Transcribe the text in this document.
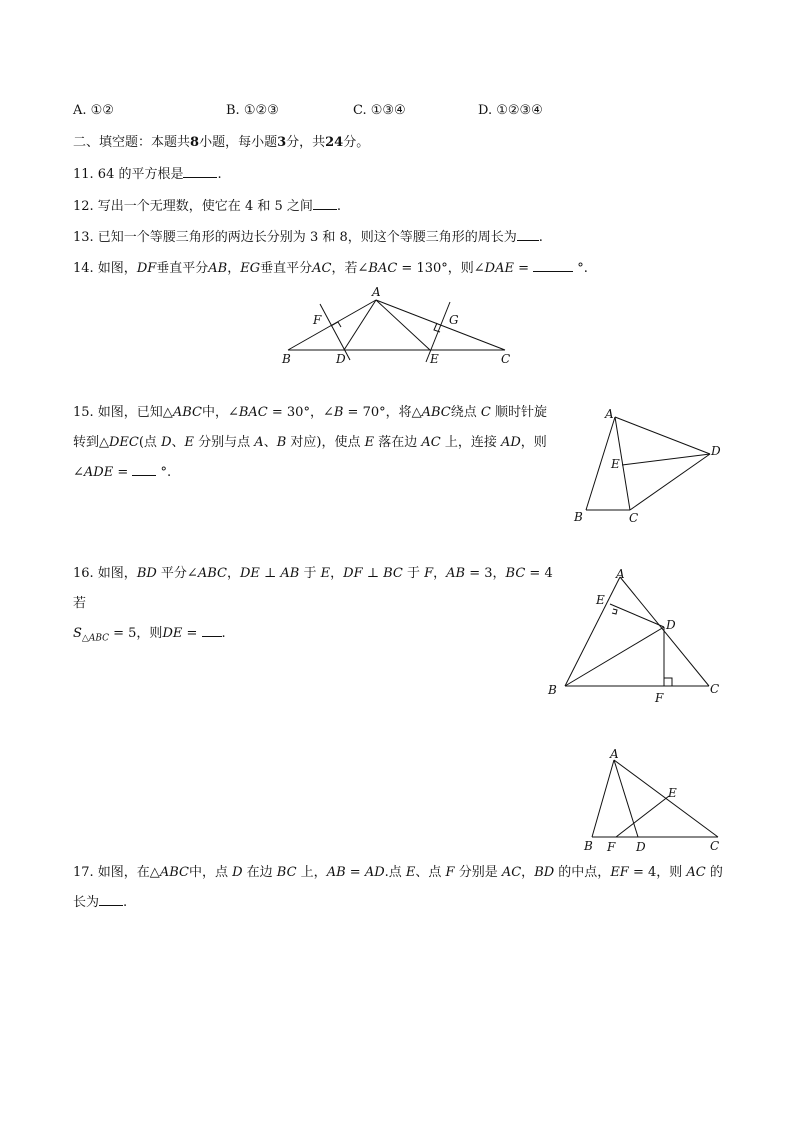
A. ①②	B. ①②③	C. ①③④	D. ①②③④
二、填空题：本题共8小题，每小题3分，共24分。
11. 64 的平方根是	.
12. 写出一个无理数，使它在 4 和 5 之间 .
13. 已知一个等腰三角形的两边长分别为 3 和 8，则这个等腰三角形的周长为 .
14. 如图，DF垂直平分AB，EG垂直平分AC，若∠BAC = 130°，则∠DAE =	°.
A
B	C
D	E
F	G
15. 如图，已知△ABC中，∠BAC = 30°，∠B = 70°，将△ABC绕点 C 顺时针旋
转到△DEC(点 D、E 分别与点 A、B 对应)，使点 E 落在边 AC 上，连接 AD，则
∠ADE =  °.
A
B	C
D
E
16. 如图，BD 平分∠ABC，DE ⊥ AB 于 E，DF ⊥ BC 于 F，AB = 3，BC = 4若
$S_{\triangle ABC} = 5$，则DE = .
A
B	C
D
E
F
A
B	C
D
E
F
17. 如图，在△ABC中，点 D 在边 BC 上，AB = AD.点 E、点 F 分别是 AC，BD 的中点，EF = 4，则 AC 的
长为 .
